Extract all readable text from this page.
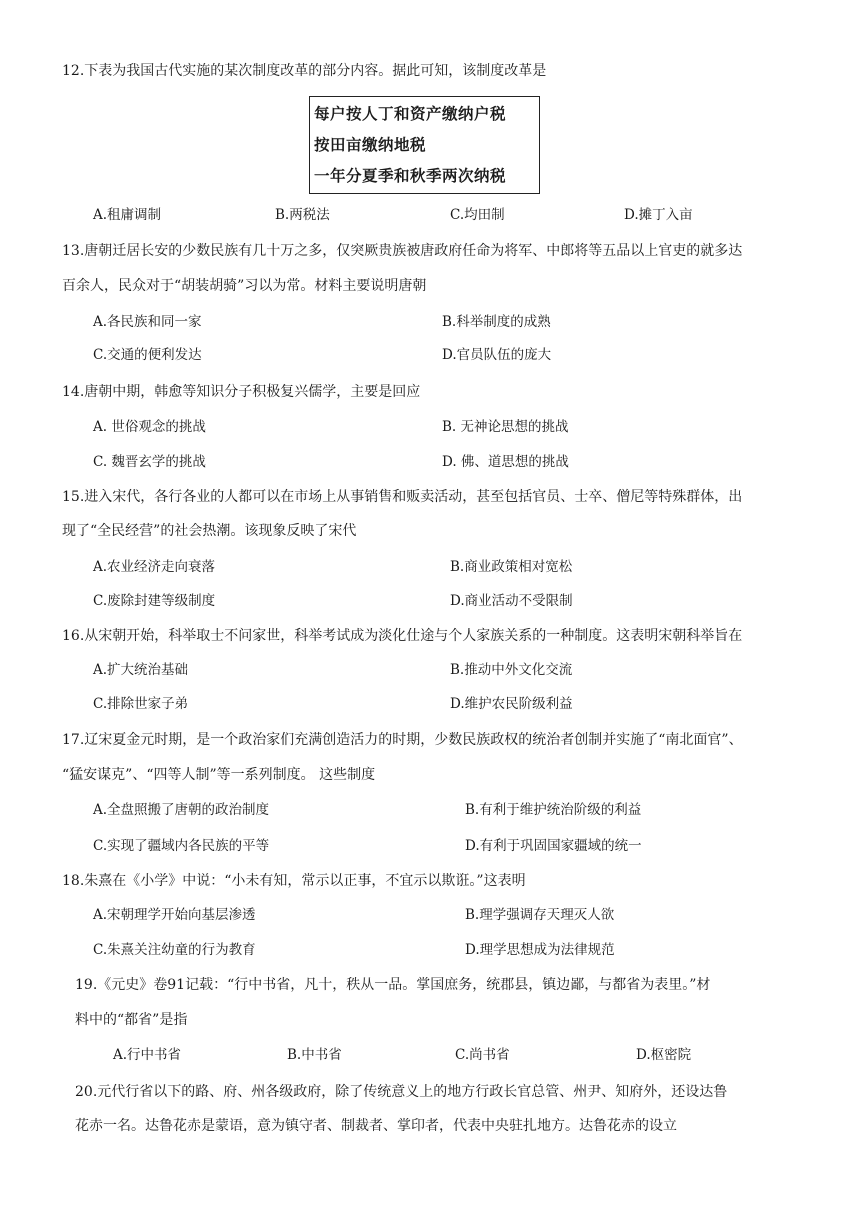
12.下表为我国古代实施的某次制度改革的部分内容。据此可知，该制度改革是
每户按人丁和资产缴纳户税
按田亩缴纳地税
一年分夏季和秋季两次纳税
A.租庸调制	B.两税法	C.均田制	D.摊丁入亩
13.唐朝迁居长安的少数民族有几十万之多，仅突厥贵族被唐政府任命为将军、中郎将等五品以上官吏的就多达
百余人，民众对于“胡装胡骑”习以为常。材料主要说明唐朝
A.各民族和同一家	B.科举制度的成熟
C.交通的便利发达	D.官员队伍的庞大
14.唐朝中期，韩愈等知识分子积极复兴儒学，主要是回应
A. 世俗观念的挑战	B. 无神论思想的挑战
C. 魏晋玄学的挑战	D. 佛、道思想的挑战
15.进入宋代，各行各业的人都可以在市场上从事销售和贩卖活动，甚至包括官员、士卒、僧尼等特殊群体，出
现了“全民经营”的社会热潮。该现象反映了宋代
A.农业经济走向衰落	B.商业政策相对宽松
C.废除封建等级制度	D.商业活动不受限制
16.从宋朝开始，科举取士不问家世，科举考试成为淡化仕途与个人家族关系的一种制度。这表明宋朝科举旨在
A.扩大统治基础	B.推动中外文化交流
C.排除世家子弟	D.维护农民阶级利益
17.辽宋夏金元时期，是一个政治家们充满创造活力的时期，少数民族政权的统治者创制并实施了“南北面官”、
“猛安谋克”、“四等人制”等一系列制度。 这些制度
A.全盘照搬了唐朝的政治制度	B.有利于维护统治阶级的利益
C.实现了疆域内各民族的平等	D.有利于巩固国家疆域的统一
18.朱熹在《小学》中说：“小未有知，常示以正事，不宜示以欺诳。”这表明
A.宋朝理学开始向基层渗透	B.理学强调存天理灭人欲
C.朱熹关注幼童的行为教育	D.理学思想成为法律规范
19.《元史》卷91记载：“行中书省，凡十，秩从一品。掌国庶务，统郡县，镇边鄙，与都省为表里。”材
料中的“都省”是指
A.行中书省	B.中书省	C.尚书省	D.枢密院
20.元代行省以下的路、府、州各级政府，除了传统意义上的地方行政长官总管、州尹、知府外，还设达鲁
花赤一名。达鲁花赤是蒙语，意为镇守者、制裁者、掌印者，代表中央驻扎地方。达鲁花赤的设立
